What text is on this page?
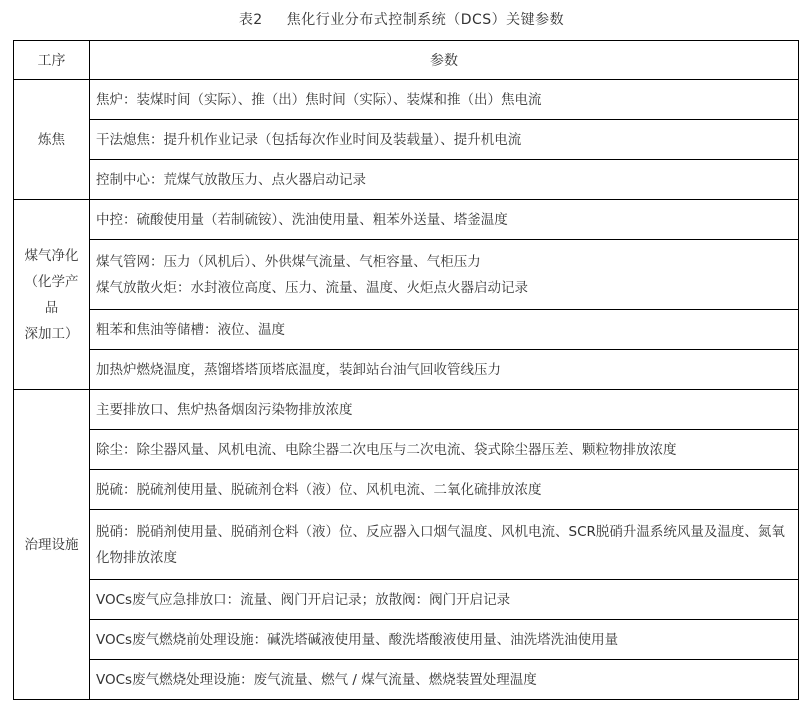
表2 焦化行业分布式控制系统（DCS）关键参数
工序	参数
炼焦	焦炉：装煤时间（实际）、推（出）焦时间（实际）、装煤和推（出）焦电流
	干法熄焦：提升机作业记录（包括每次作业时间及装载量）、提升机电流
	控制中心：荒煤气放散压力、点火器启动记录

煤气净化
（化学产
品
深加工）	中控：硫酸使用量（若制硫铵）、洗油使用量、粗苯外送量、塔釜温度

	煤气管网：压力（风机后）、外供煤气流量、气柜容量、气柜压力
煤气放散火炬：水封液位高度、压力、流量、温度、火炬点火器启动记录

	粗苯和焦油等储槽：液位、温度
	加热炉燃烧温度，蒸馏塔塔顶塔底温度，装卸站台油气回收管线压力
治理设施	主要排放口、焦炉热备烟囱污染物排放浓度
	除尘：除尘器风量、风机电流、电除尘器二次电压与二次电流、袋式除尘器压差、颗粒物排放浓度
	脱硫：脱硫剂使用量、脱硫剂仓料（液）位、风机电流、二氧化硫排放浓度
	脱硝：脱硝剂使用量、脱硝剂仓料（液）位、反应器入口烟气温度、风机电流、SCR脱硝升温系统风量及温度、氮氧化物排放浓度
	VOCs废气应急排放口：流量、阀门开启记录；放散阀：阀门开启记录
	VOCs废气燃烧前处理设施：碱洗塔碱液使用量、酸洗塔酸液使用量、油洗塔洗油使用量
	VOCs废气燃烧处理设施：废气流量、燃气 / 煤气流量、燃烧装置处理温度
